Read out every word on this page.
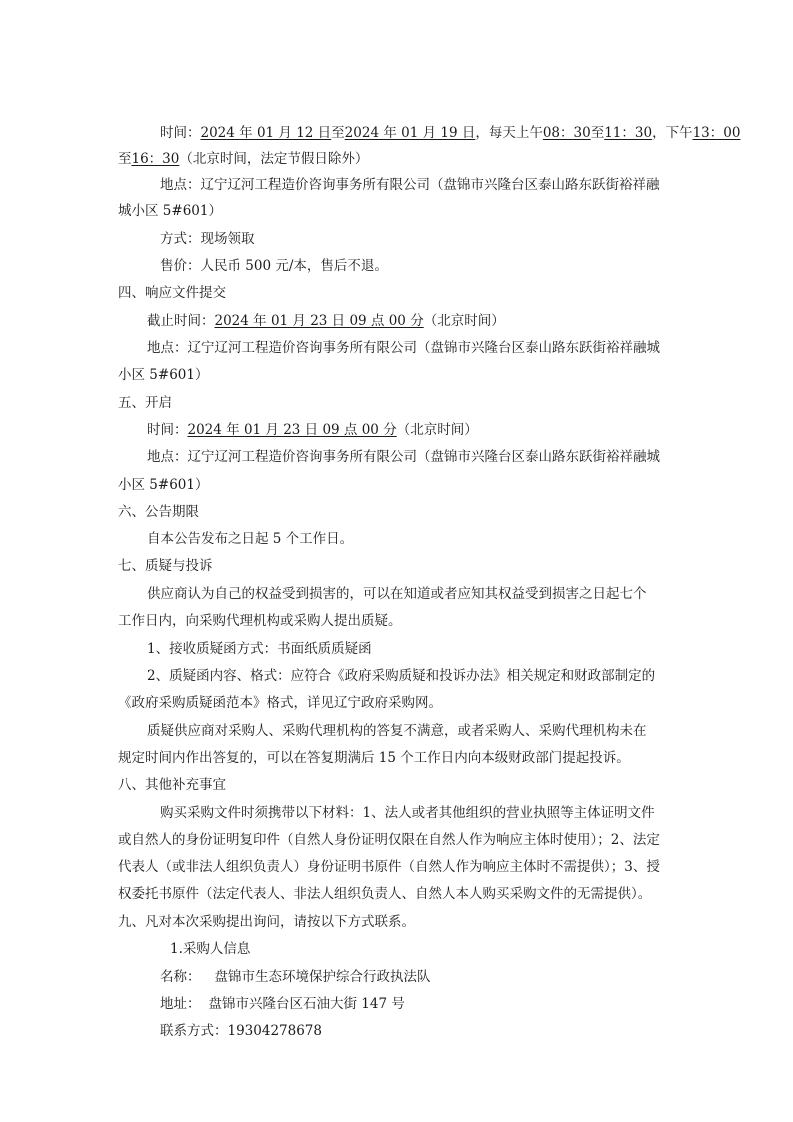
时间：2024 年 01 月 12 日至2024 年 01 月 19 日，每天上午08：30至11：30，下午13：00
至16：30（北京时间，法定节假日除外）
地点：辽宁辽河工程造价咨询事务所有限公司（盘锦市兴隆台区泰山路东跃街裕祥融
城小区 5#601）
方式：现场领取
售价：人民币 500 元/本，售后不退。
四、响应文件提交
截止时间：2024 年 01 月 23 日 09 点 00 分（北京时间）
地点：辽宁辽河工程造价咨询事务所有限公司（盘锦市兴隆台区泰山路东跃街裕祥融城
小区 5#601）
五、开启
时间：2024 年 01 月 23 日 09 点 00 分（北京时间）
地点：辽宁辽河工程造价咨询事务所有限公司（盘锦市兴隆台区泰山路东跃街裕祥融城
小区 5#601）
六、公告期限
自本公告发布之日起 5 个工作日。
七、质疑与投诉
供应商认为自己的权益受到损害的，可以在知道或者应知其权益受到损害之日起七个
工作日内，向采购代理机构或采购人提出质疑。
1、接收质疑函方式：书面纸质质疑函
2、质疑函内容、格式：应符合《政府采购质疑和投诉办法》相关规定和财政部制定的
《政府采购质疑函范本》格式，详见辽宁政府采购网。
质疑供应商对采购人、采购代理机构的答复不满意，或者采购人、采购代理机构未在
规定时间内作出答复的，可以在答复期满后 15 个工作日内向本级财政部门提起投诉。
八、其他补充事宜
购买采购文件时须携带以下材料：1、法人或者其他组织的营业执照等主体证明文件
或自然人的身份证明复印件（自然人身份证明仅限在自然人作为响应主体时使用）；2、法定
代表人（或非法人组织负责人）身份证明书原件（自然人作为响应主体时不需提供）；3、授
权委托书原件（法定代表人、非法人组织负责人、自然人本人购买采购文件的无需提供）。
九、凡对本次采购提出询问，请按以下方式联系。
1.采购人信息
名称： 盘锦市生态环境保护综合行政执法队
地址： 盘锦市兴隆台区石油大街 147 号
联系方式：19304278678
